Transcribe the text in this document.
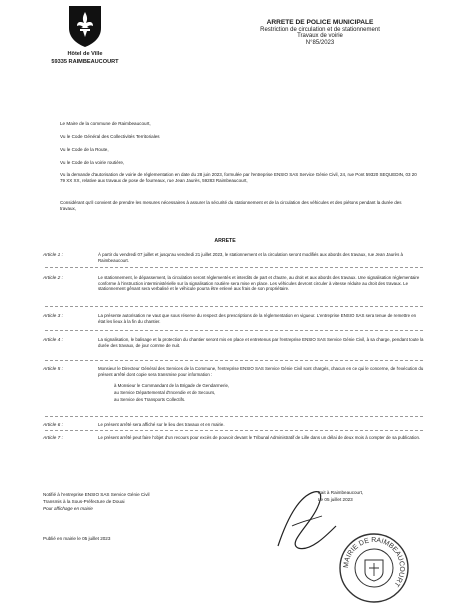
Hôtel de Ville
59335 RAIMBEAUCOURT
ARRETE DE POLICE MUNICIPALE
Restriction de circulation et de stationnement
Travaux de voirie
N°85/2023
Le Maire de la commune de Raimbeaucourt,
Vu le Code Général des Collectivités Territoriales
Vu le Code de la Route,
Vu le Code de la voirie routière,
Vu la demande d'autorisation de voirie de réglementation en date du 28 juin 2023, formulée par l'entreprise ENSIO SAS Service Génie Civil, 24, rue Pont 59320 SEQUEDIN, 03 20 79 XX XX, relative aux travaux de pose de fourreaux, rue Jean Jaurès, 59283 Raimbeaucourt,
Considérant qu'il convient de prendre les mesures nécessaires à assurer la sécurité du stationnement et de la circulation des véhicules et des piétons pendant la durée des travaux,
ARRETE
Article 1 :	À partir du vendredi 07 juillet et jusqu'au vendredi 21 juillet 2023, le stationnement et la circulation seront modifiés aux abords des travaux, rue Jean Jaurès à Raimbeaucourt.
Article 2 :	Le stationnement, le dépassement, la circulation seront réglementés et interdits de part et d'autre, au droit et aux abords des travaux. Une signalisation réglementaire conforme à l'instruction interministérielle sur la signalisation routière sera mise en place. Les véhicules devront circuler à vitesse réduite au droit des travaux. Le stationnement gênant sera verbalisé et le véhicule pourra être enlevé aux frais de son propriétaire.
Article 3 :	La présente autorisation ne vaut que sous réserve du respect des prescriptions de la réglementation en vigueur. L'entreprise ENSIO SAS sera tenue de remettre en état les lieux à la fin du chantier.
Article 4 :	La signalisation, le balisage et la protection du chantier seront mis en place et entretenus par l'entreprise ENSIO SAS Service Génie Civil, à sa charge, pendant toute la durée des travaux, de jour comme de nuit.
Article 5 :	Monsieur le Directeur Général des Services de la Commune, l'entreprise ENSIO SAS Service Génie Civil sont chargés, chacun en ce qui le concerne, de l'exécution du présent arrêté dont copie sera transmise pour information :
à Monsieur le Commandant de la Brigade de Gendarmerie,
au Service Départemental d'Incendie et de Secours,
au Service des Transports Collectifs.
Article 6 :	Le présent arrêté sera affiché sur le lieu des travaux et en mairie.
Article 7 :	Le présent arrêté peut faire l'objet d'un recours pour excès de pouvoir devant le Tribunal Administratif de Lille dans un délai de deux mois à compter de sa publication.
Notifié à l'entreprise ENSIO SAS Service Génie Civil
Transmis à la Sous-Préfecture de Douai
Pour affichage en mairie
Publié en mairie le 05 juillet 2023
Fait à Raimbeaucourt,
Le 05 juillet 2023
MAIRIE DE RAIMBEAUCOURT
